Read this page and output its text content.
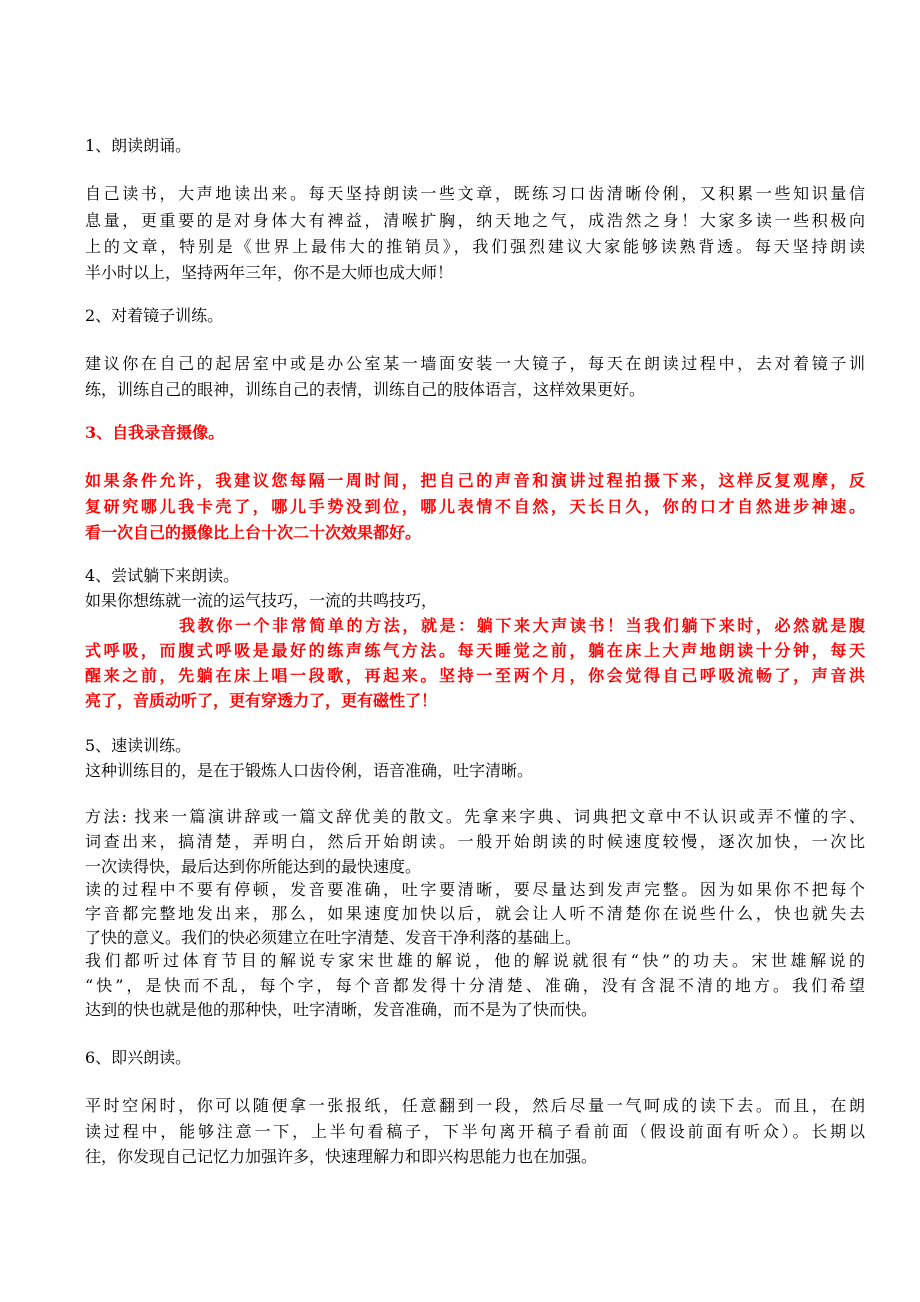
1、朗读朗诵。
自己读书，大声地读出来。每天坚持朗读一些文章，既练习口齿清晰伶俐，又积累一些知识量信
息量，更重要的是对身体大有裨益，清喉扩胸，纳天地之气，成浩然之身！大家多读一些积极向
上的文章，特别是《世界上最伟大的推销员》，我们强烈建议大家能够读熟背透。每天坚持朗读
半小时以上，坚持两年三年，你不是大师也成大师！
2、对着镜子训练。
建议你在自己的起居室中或是办公室某一墙面安装一大镜子，每天在朗读过程中，去对着镜子训
练，训练自己的眼神，训练自己的表情，训练自己的肢体语言，这样效果更好。
3、自我录音摄像。
如果条件允许，我建议您每隔一周时间，把自己的声音和演讲过程拍摄下来，这样反复观摩，反
复研究哪儿我卡壳了，哪儿手势没到位，哪儿表情不自然，天长日久，你的口才自然进步神速。
看一次自己的摄像比上台十次二十次效果都好。
4、尝试躺下来朗读。
如果你想练就一流的运气技巧，一流的共鸣技巧，
我教你一个非常简单的方法，就是：躺下来大声读书！当我们躺下来时，必然就是腹
式呼吸，而腹式呼吸是最好的练声练气方法。每天睡觉之前，躺在床上大声地朗读十分钟，每天
醒来之前，先躺在床上唱一段歌，再起来。坚持一至两个月，你会觉得自己呼吸流畅了，声音洪
亮了，音质动听了，更有穿透力了，更有磁性了！
5、速读训练。
这种训练目的，是在于锻炼人口齿伶俐，语音准确，吐字清晰。
方法: 找来一篇演讲辞或一篇文辞优美的散文。先拿来字典、词典把文章中不认识或弄不懂的字、
词查出来，搞清楚，弄明白，然后开始朗读。一般开始朗读的时候速度较慢，逐次加快，一次比
一次读得快，最后达到你所能达到的最快速度。
读的过程中不要有停顿，发音要准确，吐字要清晰，要尽量达到发声完整。因为如果你不把每个
字音都完整地发出来，那么，如果速度加快以后，就会让人听不清楚你在说些什么，快也就失去
了快的意义。我们的快必须建立在吐字清楚、发音干净利落的基础上。
我们都听过体育节目的解说专家宋世雄的解说，他的解说就很有“快”的功夫。宋世雄解说的
“快”，是快而不乱，每个字，每个音都发得十分清楚、准确，没有含混不清的地方。我们希望
达到的快也就是他的那种快，吐字清晰，发音准确，而不是为了快而快。
6、即兴朗读。
平时空闲时，你可以随便拿一张报纸，任意翻到一段，然后尽量一气呵成的读下去。而且，在朗
读过程中，能够注意一下，上半句看稿子，下半句离开稿子看前面（假设前面有听众）。长期以
往，你发现自己记忆力加强许多，快速理解力和即兴构思能力也在加强。
